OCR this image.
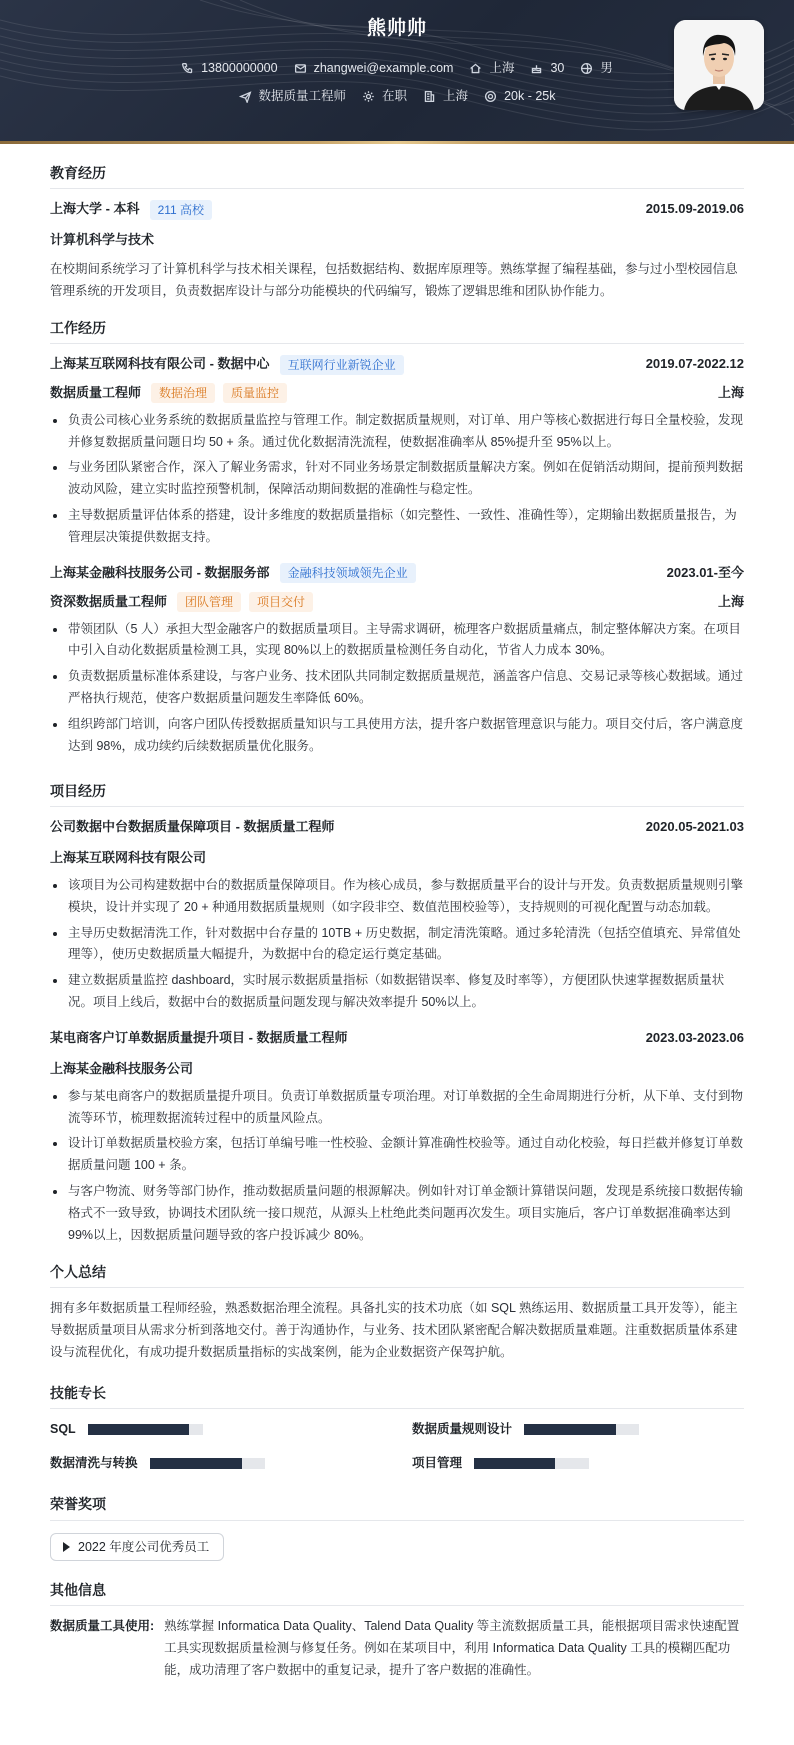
熊帅帅
13800000000	zhangwei@example.com	上海	30	男
数据质量工程师	在职	上海	20k - 25k
教育经历
上海大学 - 本科	211 高校	2015.09-2019.06
计算机科学与技术
在校期间系统学习了计算机科学与技术相关课程，包括数据结构、数据库原理等。熟练掌握了编程基础，参与过小型校园信息管理系统的开发项目，负责数据库设计与部分功能模块的代码编写，锻炼了逻辑思维和团队协作能力。
工作经历
上海某互联网科技有限公司 - 数据中心	互联网行业新锐企业	2019.07-2022.12
数据质量工程师	数据治理	质量监控	上海
负责公司核心业务系统的数据质量监控与管理工作。制定数据质量规则，对订单、用户等核心数据进行每日全量校验，发现并修复数据质量问题日均 50 + 条。通过优化数据清洗流程，使数据准确率从 85%提升至 95%以上。
与业务团队紧密合作，深入了解业务需求，针对不同业务场景定制数据质量解决方案。例如在促销活动期间，提前预判数据波动风险，建立实时监控预警机制，保障活动期间数据的准确性与稳定性。
主导数据质量评估体系的搭建，设计多维度的数据质量指标（如完整性、一致性、准确性等），定期输出数据质量报告，为管理层决策提供数据支持。
上海某金融科技服务公司 - 数据服务部	金融科技领域领先企业	2023.01-至今
资深数据质量工程师	团队管理	项目交付	上海
带领团队（5 人）承担大型金融客户的数据质量项目。主导需求调研，梳理客户数据质量痛点，制定整体解决方案。在项目中引入自动化数据质量检测工具，实现 80%以上的数据质量检测任务自动化，节省人力成本 30%。
负责数据质量标准体系建设，与客户业务、技术团队共同制定数据质量规范，涵盖客户信息、交易记录等核心数据域。通过严格执行规范，使客户数据质量问题发生率降低 60%。
组织跨部门培训，向客户团队传授数据质量知识与工具使用方法，提升客户数据管理意识与能力。项目交付后，客户满意度达到 98%，成功续约后续数据质量优化服务。
项目经历
公司数据中台数据质量保障项目 - 数据质量工程师	2020.05-2021.03
上海某互联网科技有限公司
该项目为公司构建数据中台的数据质量保障项目。作为核心成员，参与数据质量平台的设计与开发。负责数据质量规则引擎模块，设计并实现了 20 + 种通用数据质量规则（如字段非空、数值范围校验等），支持规则的可视化配置与动态加载。
主导历史数据清洗工作，针对数据中台存量的 10TB + 历史数据，制定清洗策略。通过多轮清洗（包括空值填充、异常值处理等），使历史数据质量大幅提升，为数据中台的稳定运行奠定基础。
建立数据质量监控 dashboard，实时展示数据质量指标（如数据错误率、修复及时率等），方便团队快速掌握数据质量状况。项目上线后，数据中台的数据质量问题发现与解决效率提升 50%以上。
某电商客户订单数据质量提升项目 - 数据质量工程师	2023.03-2023.06
上海某金融科技服务公司
参与某电商客户的数据质量提升项目。负责订单数据质量专项治理。对订单数据的全生命周期进行分析，从下单、支付到物流等环节，梳理数据流转过程中的质量风险点。
设计订单数据质量校验方案，包括订单编号唯一性校验、金额计算准确性校验等。通过自动化校验，每日拦截并修复订单数据质量问题 100 + 条。
与客户物流、财务等部门协作，推动数据质量问题的根源解决。例如针对订单金额计算错误问题，发现是系统接口数据传输格式不一致导致，协调技术团队统一接口规范，从源头上杜绝此类问题再次发生。项目实施后，客户订单数据准确率达到 99%以上，因数据质量问题导致的客户投诉减少 80%。
个人总结
拥有多年数据质量工程师经验，熟悉数据治理全流程。具备扎实的技术功底（如 SQL 熟练运用、数据质量工具开发等），能主导数据质量项目从需求分析到落地交付。善于沟通协作，与业务、技术团队紧密配合解决数据质量难题。注重数据质量体系建设与流程优化，有成功提升数据质量指标的实战案例，能为企业数据资产保驾护航。
技能专长
SQL	数据质量规则设计
数据清洗与转换	项目管理
荣誉奖项
2022 年度公司优秀员工
其他信息
数据质量工具使用: 熟练掌握 Informatica Data Quality、Talend Data Quality 等主流数据质量工具，能根据项目需求快速配置工具实现数据质量检测与修复任务。例如在某项目中，利用 Informatica Data Quality 工具的模糊匹配功能，成功清理了客户数据中的重复记录，提升了客户数据的准确性。
